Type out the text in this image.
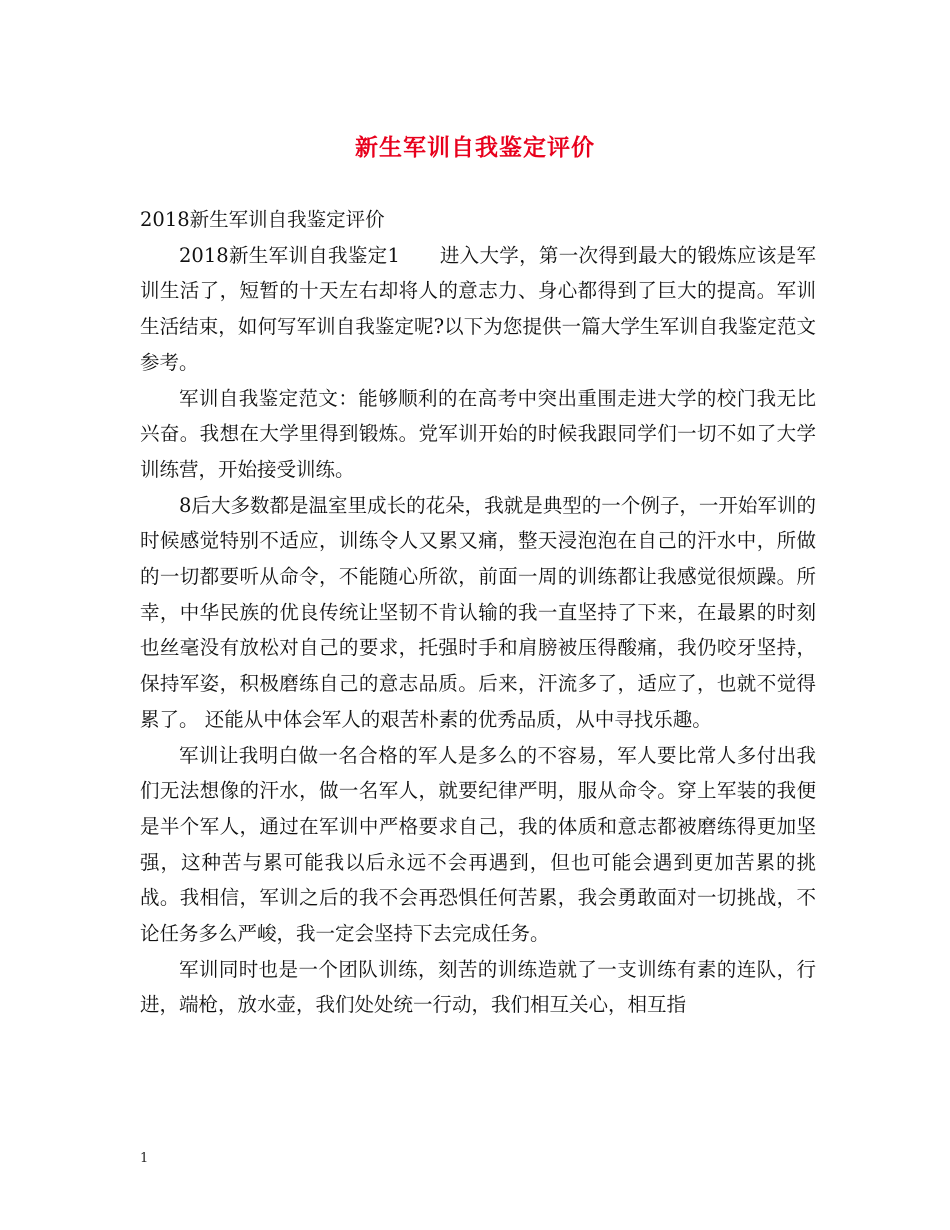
新生军训自我鉴定评价

2018新生军训自我鉴定评价

2018新生军训自我鉴定1　　进入大学，第一次得到最大的锻炼应该是军训生活了，短暂的十天左右却将人的意志力、身心都得到了巨大的提高。军训生活结束，如何写军训自我鉴定呢?以下为您提供一篇大学生军训自我鉴定范文参考。

军训自我鉴定范文：能够顺利的在高考中突出重围走进大学的校门我无比兴奋。我想在大学里得到锻炼。党军训开始的时候我跟同学们一切不如了大学训练营，开始接受训练。

8后大多数都是温室里成长的花朵，我就是典型的一个例子，一开始军训的时候感觉特别不适应，训练令人又累又痛，整天浸泡泡在自己的汗水中，所做的一切都要听从命令，不能随心所欲，前面一周的训练都让我感觉很烦躁。所幸，中华民族的优良传统让坚韧不肯认输的我一直坚持了下来，在最累的时刻也丝毫没有放松对自己的要求，托强时手和肩膀被压得酸痛，我仍咬牙坚持，保持军姿，积极磨练自己的意志品质。后来，汗流多了，适应了，也就不觉得累了。 还能从中体会军人的艰苦朴素的优秀品质，从中寻找乐趣。

军训让我明白做一名合格的军人是多么的不容易，军人要比常人多付出我们无法想像的汗水，做一名军人，就要纪律严明，服从命令。穿上军装的我便是半个军人，通过在军训中严格要求自己，我的体质和意志都被磨练得更加坚强，这种苦与累可能我以后永远不会再遇到，但也可能会遇到更加苦累的挑战。我相信，军训之后的我不会再恐惧任何苦累，我会勇敢面对一切挑战，不论任务多么严峻，我一定会坚持下去完成任务。

军训同时也是一个团队训练，刻苦的训练造就了一支训练有素的连队，行进，端枪，放水壶，我们处处统一行动，我们相互关心，相互指

1
